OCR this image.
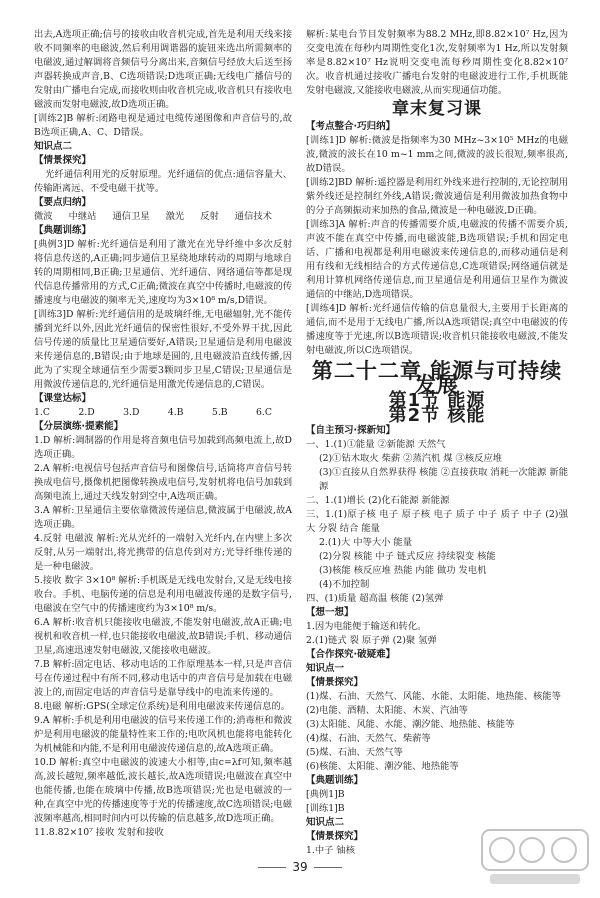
出去,A选项正确;信号的接收由收音机完成,首先是利用天线来接收不同频率的电磁波,然后利用调谐器的旋钮来选出所需频率的电磁波,通过解调将音频信号分离出来,音频信号经放大后送至扬声器转换成声音,B、C选项错误;D选项正确;无线电广播信号的发射由广播电台完成,而接收则由收音机完成,收音机只有接收电磁波而发射电磁波,故D选项正确。
[训练2]B 解析:闭路电视是通过电缆传递图像和声音信号的,故B选项正确,A、C、D错误。
知识点二
【情景探究】
光纤通信利用光的反射原理。光纤通信的优点:通信容量大、传输距离远、不受电磁干扰等。
【要点归纳】
微波 中继站 通信卫星 激光 反射 通信技术
【典题训练】
[典例3]D 解析:光纤通信是利用了激光在光导纤维中多次反射将信息传送的,A正确;同步通信卫星绕地球转动的周期与地球自转的周期相同,B正确;卫星通信、光纤通信、网络通信等都是现代信息传播常用的方式,C正确;微波在真空中传播时,电磁波的传播速度与电磁波的频率无关,速度均为3×10⁸ m/s,D错误。
[训练3]D 解析:光纤通信用的是玻璃纤维,无电磁辐射,光不能传播到光纤以外,因此光纤通信的保密性很好,不受外界干扰,因此信号传递的质量比卫星通信要好,A错误;卫星通信是利用电磁波来传递信息的,B错误;由于地球是圆的,且电磁波沿直线传播,因此为了实现全球通信至少需要3颗同步卫星,C错误;卫星通信是用微波传递信息的,光纤通信是用激光传递信息的,C错误。
【课堂达标】
1.C	2.D	3.D	4.B	5.B	6.C
【分层演练·提素能】
1.D 解析:调制器的作用是将音频电信号加载到高频电流上,故D选项正确。
2.A 解析:电视信号包括声音信号和图像信号,话筒将声音信号转换成电信号,摄像机把图像转换成电信号,发射机将电信号加载到高频电流上,通过天线发射到空中,A选项正确。
3.A 解析:卫星通信主要依靠微波传递信息,微波属于电磁波,故A选项正确。
4.反射 电磁波 解析:光从光纤的一端射入光纤内,在内壁上多次反射,从另一端射出,将光携带的信息传到对方;光导纤维传递的是一种电磁波。
5.接收 数字 3×10⁸ 解析:手机既是无线电发射台,又是无线电接收台。手机、电脑传递的信息是利用电磁波传递的是数字信号,电磁波在空气中的传播速度约为3×10⁸ m/s。
6.A 解析:收音机只能接收电磁波,不能发射电磁波,故A正确;电视机和收音机一样,也只能接收电磁波,故B错误;手机、移动通信卫星,高速迅速发射电磁波,又能接收电磁波。
7.B 解析:固定电话、移动电话的工作原理基本一样,只是声音信号在传递过程中有所不同,移动电话中的声音信号是加载在电磁波上的,而固定电话的声音信号是靠导线中的电流来传递的。
8.电磁 解析:GPS(全球定位系统)是利用电磁波来传递信息的。
9.A 解析:手机是利用电磁波的信号来传递工作的;消毒柜和微波炉是利用电磁波的能量特性来工作的;电吹风机也能将电能转化为机械能和内能,不是利用电磁波传递信息的,故A选项正确。
10.D 解析:真空中电磁波的波速大小相等,由c=λf可知,频率越高,波长越短,频率越低,波长越长,故A选项错误;电磁波在真空中也能传播,也能在玻璃中传播,故B选项错误;光也是电磁波的一种,在真空中光的传播速度等于光的传播速度,故C选项错误;电磁波频率越高,相同时间内可以传输的信息越多,故D选项正确。
11.8.82×10⁷ 接收 发射和接收
解析:某电台节目发射频率为88.2 MHz,即8.82×10⁷ Hz,因为交变电流在每秒内周期性变化1次,发射频率为1 Hz,所以发射频率是8.82×10⁷ Hz说明交变电流每秒周期性变化8.82×10⁷次。收音机通过接收广播电台发射的电磁波进行工作,手机既能发射电磁波,又能接收电磁波,从而实现通信功能。
章末复习课
【考点整合·巧归纳】
[训练1]D 解析:微波是指频率为30 MHz~3×10⁵ MHz的电磁波,微波的波长在10 m~1 mm之间,微波的波长很短,频率很高,故D错误。
[训练2]BD 解析:遥控器是利用红外线来进行控制的,无论控制用紫外线还是控制红外线,A错误;微波通信是利用微波加热食物中的分子高频振动来加热的食品,微波是一种电磁波,D正确。
[训练3]A 解析:声音的传播需要介质,电磁波的传播不需要介质,声波不能在真空中传播,而电磁波能,B选项错误;手机和固定电话、广播和电视都是利用电磁波来传递信息的,而移动通信是利用有线和无线相结合的方式传递信息,C选项错误;网络通信就是利用计算机网络传递信息,而卫星通信是利用通信卫星作为微波通信的中继站,D选项错误。
[训练4]D 解析:光纤通信传输的信息量很大,主要用于长距离的通信,而不是用于无线电广播,所以A选项错误;真空中电磁波的传播速度等于光速,所以B选项错误;收音机只能接收电磁波,不能发射电磁波,所以C选项错误。
第二十二章 能源与可持续发展
第1节 能源
第2节 核能
【自主预习·探新知】
一、1.(1)①能量 ②新能源 天然气
(2)①钻木取火 柴薪 ②蒸汽机 煤 ③核反应堆
(3)①直接从自然界获得 核能 ②直接获取 消耗一次能源 新能源
二、1.(1)增长 (2)化石能源 新能源
三、1.(1)原子核 电子 原子核 电子 质子 中子 质子 中子 (2)强大 分裂 结合 能量
2.(1)大 中等大小 能量
(2)分裂 核能 中子 链式反应 持续裂变 核能
(3)核能 核反应堆 热能 内能 做功 发电机
(4)不加控制
四、(1)质量 超高温 核能 (2)氢弹
【想一想】
1.因为电能便于输送和转化。
2.(1)链式 裂 原子弹 (2)聚 氢弹
【合作探究·破疑难】
知识点一
【情景探究】
(1)煤、石油、天然气、风能、水能、太阳能、地热能、核能等
(2)电能、酒精、太阳能、木炭、汽油等
(3)太阳能、风能、水能、潮汐能、地热能、核能等
(4)煤、石油、天然气、柴薪等
(5)煤、石油、天然气等
(6)核能、太阳能、潮汐能、地热能等
【典题训练】
[典例1]B
[训练1]B
知识点二
【情景探究】
1.中子 铀核
39
